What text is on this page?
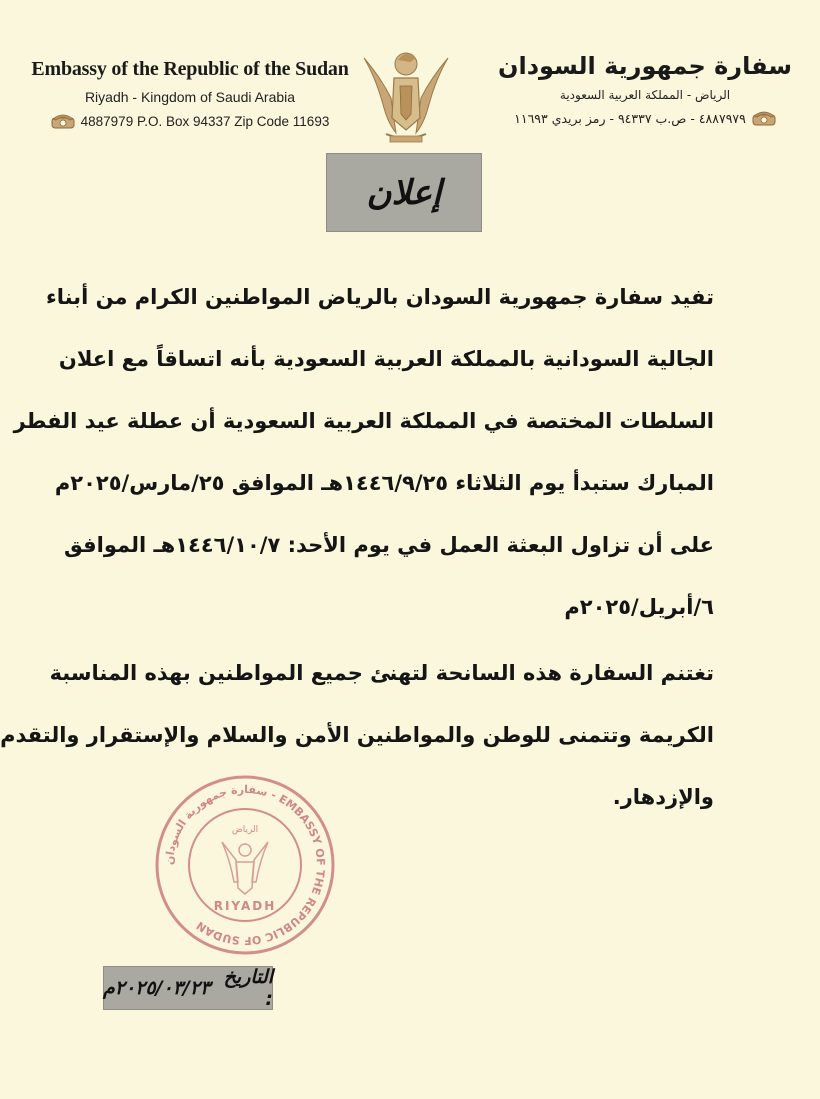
Embassy of the Republic of the Sudan
Riyadh - Kingdom of Saudi Arabia
4887979 P.O. Box 94337 Zip Code 11693
سفارة جمهورية السودان
الرياض - المملكة العربية السعودية
٤٨٨٧٩٧٩ - ص.ب ٩٤٣٣٧ - رمز بريدي ١١٦٩٣
إعلان
تفيد سفارة جمهورية السودان بالرياض المواطنين الكرام من أبناء
الجالية السودانية بالمملكة العربية السعودية بأنه اتساقاً مع اعلان
السلطات المختصة في المملكة العربية السعودية أن عطلة عيد الفطر
المبارك ستبدأ يوم الثلاثاء ١٤٤٦/٩/٢٥هـ الموافق ٢٥/مارس/٢٠٢٥م
على أن تزاول البعثة العمل في يوم الأحد: ١٤٤٦/١٠/٧هـ الموافق
٦/أبريل/٢٠٢٥م
تغتنم السفارة هذه السانحة لتهنئ جميع المواطنين بهذه المناسبة
الكريمة وتتمنى للوطن والمواطنين الأمن والسلام والإستقرار والتقدم
والإزدهار.
سفارة جمهورية السودان - EMBASSY OF THE REPUBLIC OF SUDAN
الرياض
RIYADH
التاريخ :
٢٠٢٥/٠٣/٢٣م
